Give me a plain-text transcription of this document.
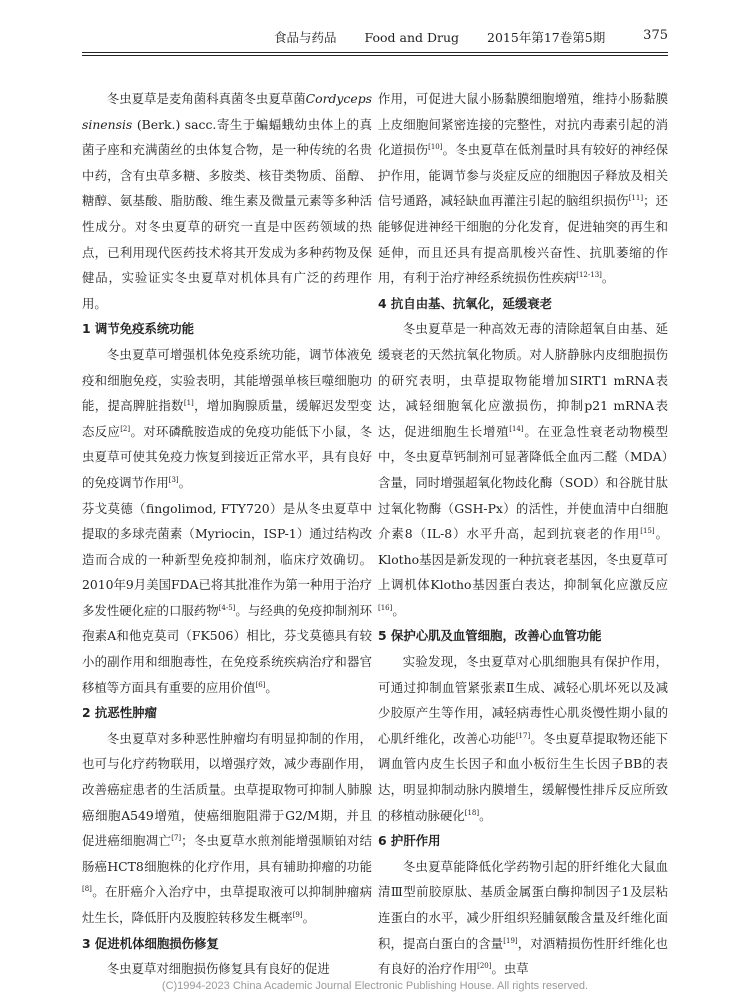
食品与药品 Food and Drug 2015年第17卷第5期	375

冬虫夏草是麦角菌科真菌冬虫夏草菌Cordyceps sinensis (Berk.) sacc.寄生于蝙蝠蛾幼虫体上的真菌子座和充满菌丝的虫体复合物，是一种传统的名贵中药，含有虫草多糖、多胺类、核苷类物质、甾醇、糖醇、氨基酸、脂肪酸、维生素及微量元素等多种活性成分。对冬虫夏草的研究一直是中医药领域的热点，已利用现代医药技术将其开发成为多种药物及保健品，实验证实冬虫夏草对机体具有广泛的药理作用。

1 调节免疫系统功能

冬虫夏草可增强机体免疫系统功能，调节体液免疫和细胞免疫，实验表明，其能增强单核巨噬细胞功能，提高脾脏指数[1]，增加胸腺质量，缓解迟发型变态反应[2]。对环磷酰胺造成的免疫功能低下小鼠，冬虫夏草可使其免疫力恢复到接近正常水平，具有良好的免疫调节作用[3]。

芬戈莫德（fingolimod, FTY720）是从冬虫夏草中提取的多球壳菌素（Myriocin，ISP-1）通过结构改造而合成的一种新型免疫抑制剂，临床疗效确切。2010年9月美国FDA已将其批准作为第一种用于治疗多发性硬化症的口服药物[4-5]。与经典的免疫抑制剂环孢素A和他克莫司（FK506）相比，芬戈莫德具有较小的副作用和细胞毒性，在免疫系统疾病治疗和器官移植等方面具有重要的应用价值[6]。

2 抗恶性肿瘤

冬虫夏草对多种恶性肿瘤均有明显抑制的作用，也可与化疗药物联用，以增强疗效，减少毒副作用，改善癌症患者的生活质量。虫草提取物可抑制人肺腺癌细胞A549增殖，使癌细胞阻滞于G2/M期，并且促进癌细胞凋亡[7]；冬虫夏草水煎剂能增强顺铂对结肠癌HCT8细胞株的化疗作用，具有辅助抑瘤的功能[8]。在肝癌介入治疗中，虫草提取液可以抑制肿瘤病灶生长，降低肝内及腹腔转移发生概率[9]。

3 促进机体细胞损伤修复

冬虫夏草对细胞损伤修复具有良好的促进

作用，可促进大鼠小肠黏膜细胞增殖，维持小肠黏膜上皮细胞间紧密连接的完整性，对抗内毒素引起的消化道损伤[10]。冬虫夏草在低剂量时具有较好的神经保护作用，能调节参与炎症反应的细胞因子释放及相关信号通路，减轻缺血再灌注引起的脑组织损伤[11]；还能够促进神经干细胞的分化发育，促进轴突的再生和延伸，而且还具有提高肌梭兴奋性、抗肌萎缩的作用，有利于治疗神经系统损伤性疾病[12-13]。

4 抗自由基、抗氧化，延缓衰老

冬虫夏草是一种高效无毒的清除超氧自由基、延缓衰老的天然抗氧化物质。对人脐静脉内皮细胞损伤的研究表明，虫草提取物能增加SIRT1 mRNA表达，减轻细胞氧化应激损伤，抑制p21 mRNA表达，促进细胞生长增殖[14]。在亚急性衰老动物模型中，冬虫夏草钙制剂可显著降低全血丙二醛（MDA）含量，同时增强超氧化物歧化酶（SOD）和谷胱甘肽过氧化物酶（GSH-Px）的活性，并使血清中白细胞介素8（IL-8）水平升高，起到抗衰老的作用[15]。Klotho基因是新发现的一种抗衰老基因，冬虫夏草可上调机体Klotho基因蛋白表达，抑制氧化应激反应[16]。

5 保护心肌及血管细胞，改善心血管功能

实验发现，冬虫夏草对心肌细胞具有保护作用，可通过抑制血管紧张素Ⅱ生成、减轻心肌坏死以及减少胶原产生等作用，减轻病毒性心肌炎慢性期小鼠的心肌纤维化，改善心功能[17]。冬虫夏草提取物还能下调血管内皮生长因子和血小板衍生生长因子BB的表达，明显抑制动脉内膜增生，缓解慢性排斥反应所致的移植动脉硬化[18]。

6 护肝作用

冬虫夏草能降低化学药物引起的肝纤维化大鼠血清Ⅲ型前胶原肽、基质金属蛋白酶抑制因子1及层粘连蛋白的水平，减少肝组织羟脯氨酸含量及纤维化面积，提高白蛋白的含量[19]，对酒精损伤性肝纤维化也有良好的治疗作用[20]。虫草

(C)1994-2023 China Academic Journal Electronic Publishing House. All rights reserved.
